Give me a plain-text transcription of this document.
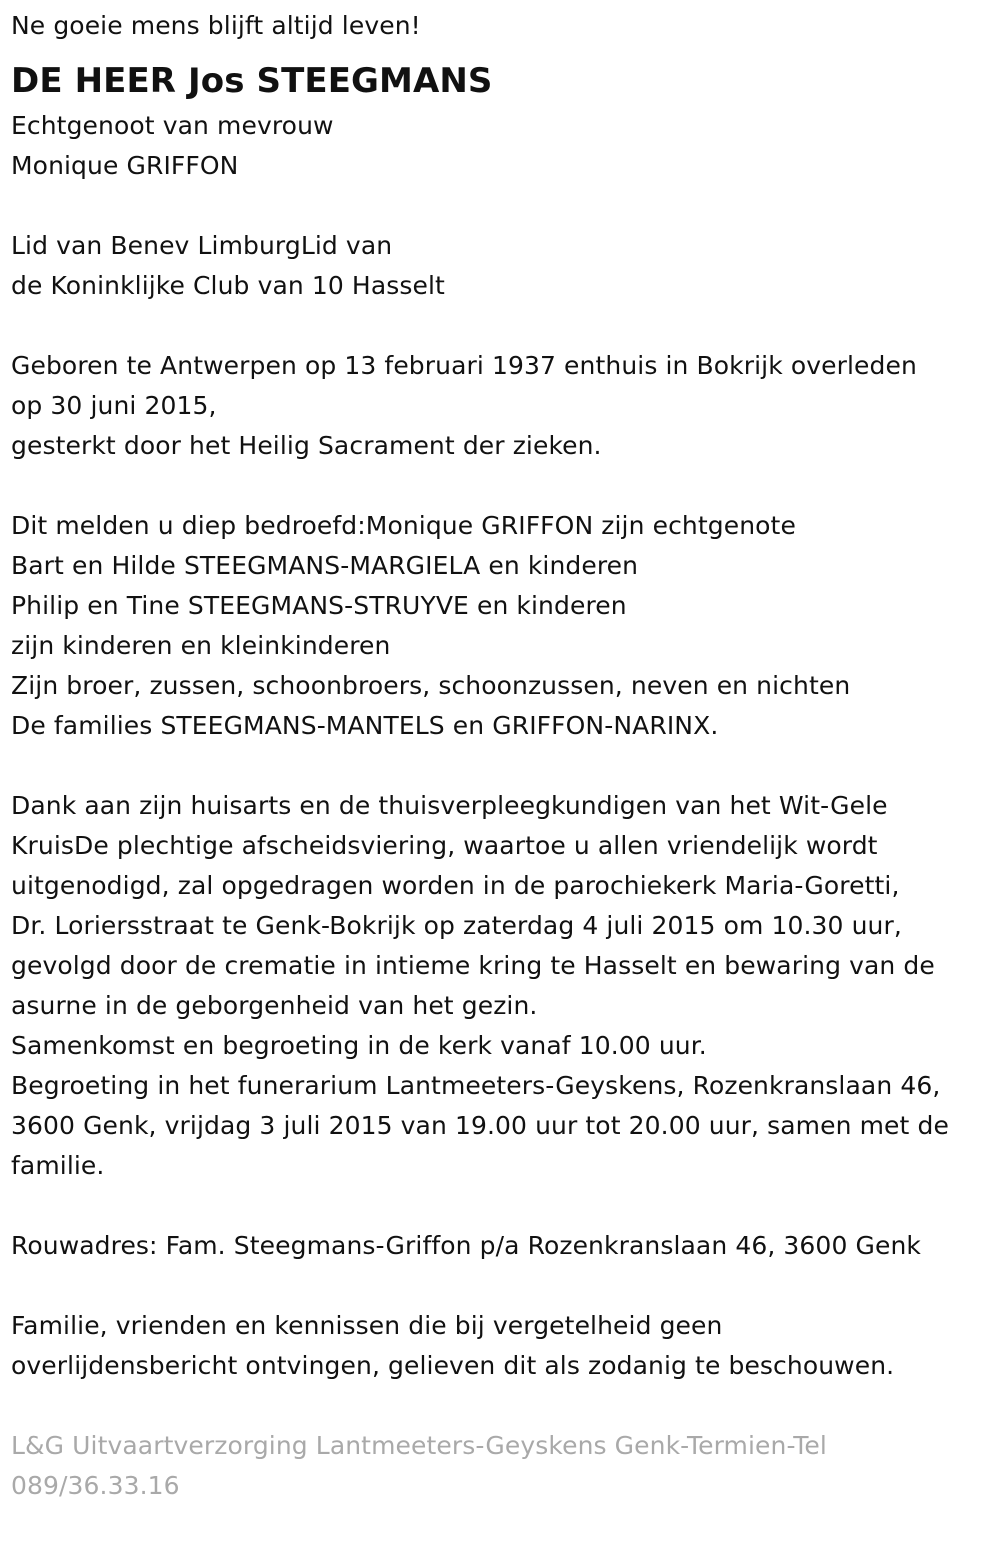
Ne goeie mens blijft altijd leven!
DE HEER Jos STEEGMANS
Echtgenoot van mevrouw
Monique GRIFFON
Lid van Benev LimburgLid van
de Koninklijke Club van 10 Hasselt
Geboren te Antwerpen op 13 februari 1937 enthuis in Bokrijk overleden
op 30 juni 2015,
gesterkt door het Heilig Sacrament der zieken.
Dit melden u diep bedroefd:Monique GRIFFON zijn echtgenote
Bart en Hilde STEEGMANS-MARGIELA en kinderen
Philip en Tine STEEGMANS-STRUYVE en kinderen
zijn kinderen en kleinkinderen
Zijn broer, zussen, schoonbroers, schoonzussen, neven en nichten
De families STEEGMANS-MANTELS en GRIFFON-NARINX.
Dank aan zijn huisarts en de thuisverpleegkundigen van het Wit-Gele
KruisDe plechtige afscheidsviering, waartoe u allen vriendelijk wordt
uitgenodigd, zal opgedragen worden in de parochiekerk Maria-Goretti,
Dr. Loriersstraat te Genk-Bokrijk op zaterdag 4 juli 2015 om 10.30 uur,
gevolgd door de crematie in intieme kring te Hasselt en bewaring van de
asurne in de geborgenheid van het gezin.
Samenkomst en begroeting in de kerk vanaf 10.00 uur.
Begroeting in het funerarium Lantmeeters-Geyskens, Rozenkranslaan 46,
3600 Genk, vrijdag 3 juli 2015 van 19.00 uur tot 20.00 uur, samen met de
familie.
Rouwadres: Fam. Steegmans-Griffon p/a Rozenkranslaan 46, 3600 Genk
Familie, vrienden en kennissen die bij vergetelheid geen
overlijdensbericht ontvingen, gelieven dit als zodanig te beschouwen.
L&G Uitvaartverzorging Lantmeeters-Geyskens Genk-Termien-Tel
089/36.33.16
